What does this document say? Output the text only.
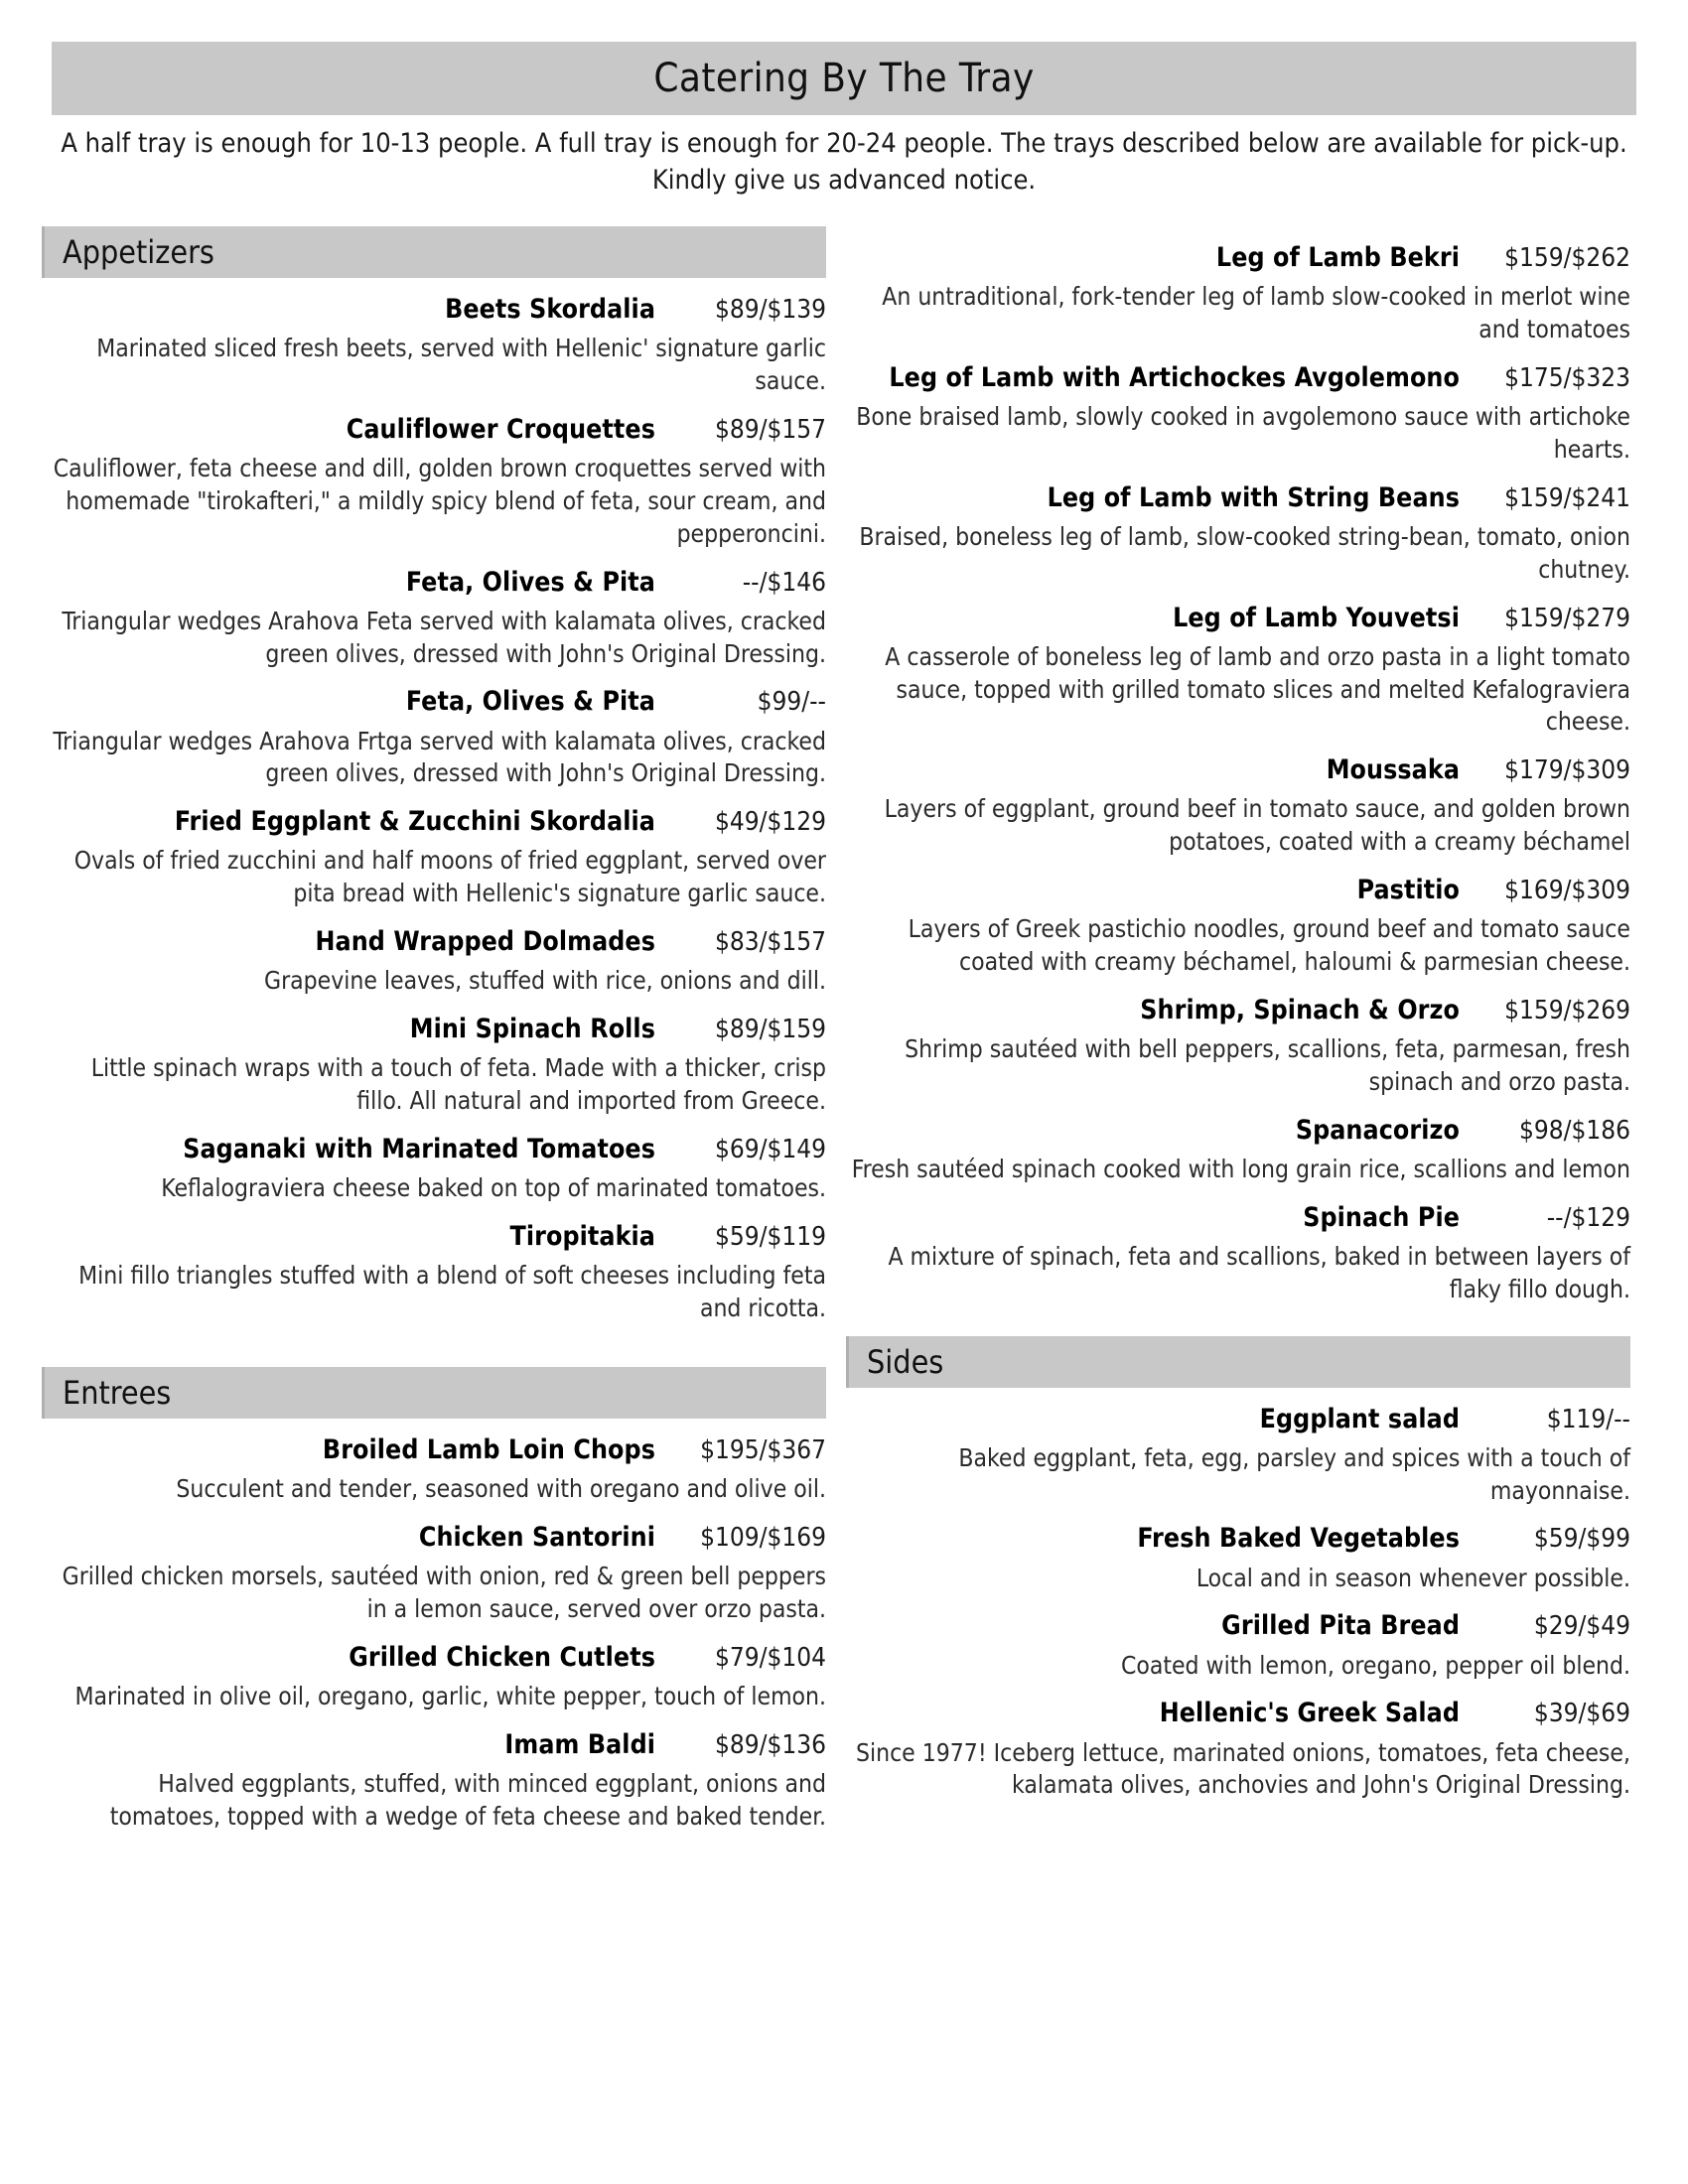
Catering By The Tray
A half tray is enough for 10-13 people. A full tray is enough for 20-24 people. The trays described below are available for pick-up. Kindly give us advanced notice.
Appetizers
Beets Skordalia	$89/$139
Marinated sliced fresh beets, served with Hellenic' signature garlic sauce.
Cauliflower Croquettes	$89/$157
Cauliflower, feta cheese and dill, golden brown croquettes served with homemade "tirokafteri," a mildly spicy blend of feta, sour cream, and pepperoncini.
Feta, Olives & Pita	--/$146
Triangular wedges Arahova Feta served with kalamata olives, cracked green olives, dressed with John's Original Dressing.
Feta, Olives & Pita	$99/--
Triangular wedges Arahova Frtga served with kalamata olives, cracked green olives, dressed with John's Original Dressing.
Fried Eggplant & Zucchini Skordalia	$49/$129
Ovals of fried zucchini and half moons of fried eggplant, served over pita bread with Hellenic's signature garlic sauce.
Hand Wrapped Dolmades	$83/$157
Grapevine leaves, stuffed with rice, onions and dill.
Mini Spinach Rolls	$89/$159
Little spinach wraps with a touch of feta. Made with a thicker, crisp fillo. All natural and imported from Greece.
Saganaki with Marinated Tomatoes	$69/$149
Keflalograviera cheese baked on top of marinated tomatoes.
Tiropitakia	$59/$119
Mini fillo triangles stuffed with a blend of soft cheeses including feta and ricotta.
Entrees
Broiled Lamb Loin Chops	$195/$367
Succulent and tender, seasoned with oregano and olive oil.
Chicken Santorini	$109/$169
Grilled chicken morsels, sautéed with onion, red & green bell peppers in a lemon sauce, served over orzo pasta.
Grilled Chicken Cutlets	$79/$104
Marinated in olive oil, oregano, garlic, white pepper, touch of lemon.
Imam Baldi	$89/$136
Halved eggplants, stuffed, with minced eggplant, onions and tomatoes, topped with a wedge of feta cheese and baked tender.
Leg of Lamb Bekri	$159/$262
An untraditional, fork-tender leg of lamb slow-cooked in merlot wine and tomatoes
Leg of Lamb with Artichockes Avgolemono	$175/$323
Bone braised lamb, slowly cooked in avgolemono sauce with artichoke hearts.
Leg of Lamb with String Beans	$159/$241
Braised, boneless leg of lamb, slow-cooked string-bean, tomato, onion chutney.
Leg of Lamb Youvetsi	$159/$279
A casserole of boneless leg of lamb and orzo pasta in a light tomato sauce, topped with grilled tomato slices and melted Kefalograviera cheese.
Moussaka	$179/$309
Layers of eggplant, ground beef in tomato sauce, and golden brown potatoes, coated with a creamy béchamel
Pastitio	$169/$309
Layers of Greek pastichio noodles, ground beef and tomato sauce coated with creamy béchamel, haloumi & parmesian cheese.
Shrimp, Spinach & Orzo	$159/$269
Shrimp sautéed with bell peppers, scallions, feta, parmesan, fresh spinach and orzo pasta.
Spanacorizo	$98/$186
Fresh sautéed spinach cooked with long grain rice, scallions and lemon
Spinach Pie	--/$129
A mixture of spinach, feta and scallions, baked in between layers of flaky fillo dough.
Sides
Eggplant salad	$119/--
Baked eggplant, feta, egg, parsley and spices with a touch of mayonnaise.
Fresh Baked Vegetables	$59/$99
Local and in season whenever possible.
Grilled Pita Bread	$29/$49
Coated with lemon, oregano, pepper oil blend.
Hellenic's Greek Salad	$39/$69
Since 1977! Iceberg lettuce, marinated onions, tomatoes, feta cheese, kalamata olives, anchovies and John's Original Dressing.
